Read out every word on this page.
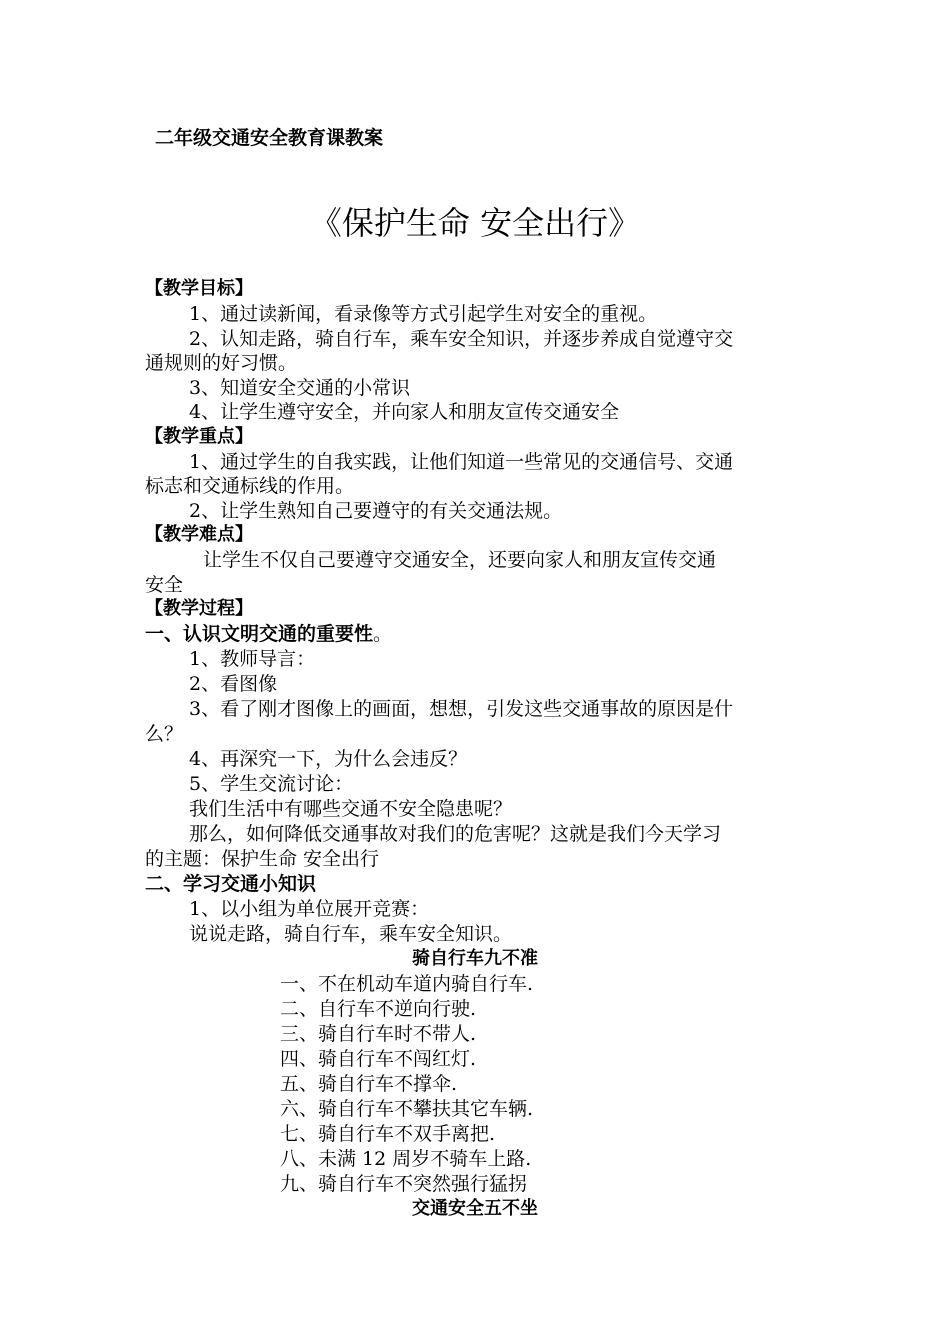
二年级交通安全教育课教案
《保护生命 安全出行》
【教学目标】
1、通过读新闻，看录像等方式引起学生对安全的重视。
2、认知走路，骑自行车，乘车安全知识，并逐步养成自觉遵守交
通规则的好习惯。
3、知道安全交通的小常识
4、让学生遵守安全，并向家人和朋友宣传交通安全
【教学重点】
1、通过学生的自我实践，让他们知道一些常见的交通信号、交通
标志和交通标线的作用。
2、让学生熟知自己要遵守的有关交通法规。
【教学难点】
让学生不仅自己要遵守交通安全，还要向家人和朋友宣传交通
安全
【教学过程】
一、认识文明交通的重要性。
1、教师导言：
2、看图像
3、看了刚才图像上的画面，想想，引发这些交通事故的原因是什
么？
4、再深究一下，为什么会违反？
5、学生交流讨论：
我们生活中有哪些交通不安全隐患呢？
那么，如何降低交通事故对我们的危害呢？这就是我们今天学习
的主题：保护生命 安全出行
二、学习交通小知识
1、以小组为单位展开竞赛：
说说走路，骑自行车，乘车安全知识。
骑自行车九不准
一、不在机动车道内骑自行车.
二、自行车不逆向行驶.
三、骑自行车时不带人.
四、骑自行车不闯红灯.
五、骑自行车不撑伞.
六、骑自行车不攀扶其它车辆.
七、骑自行车不双手离把.
八、未满 12 周岁不骑车上路.
九、骑自行车不突然强行猛拐
交通安全五不坐
